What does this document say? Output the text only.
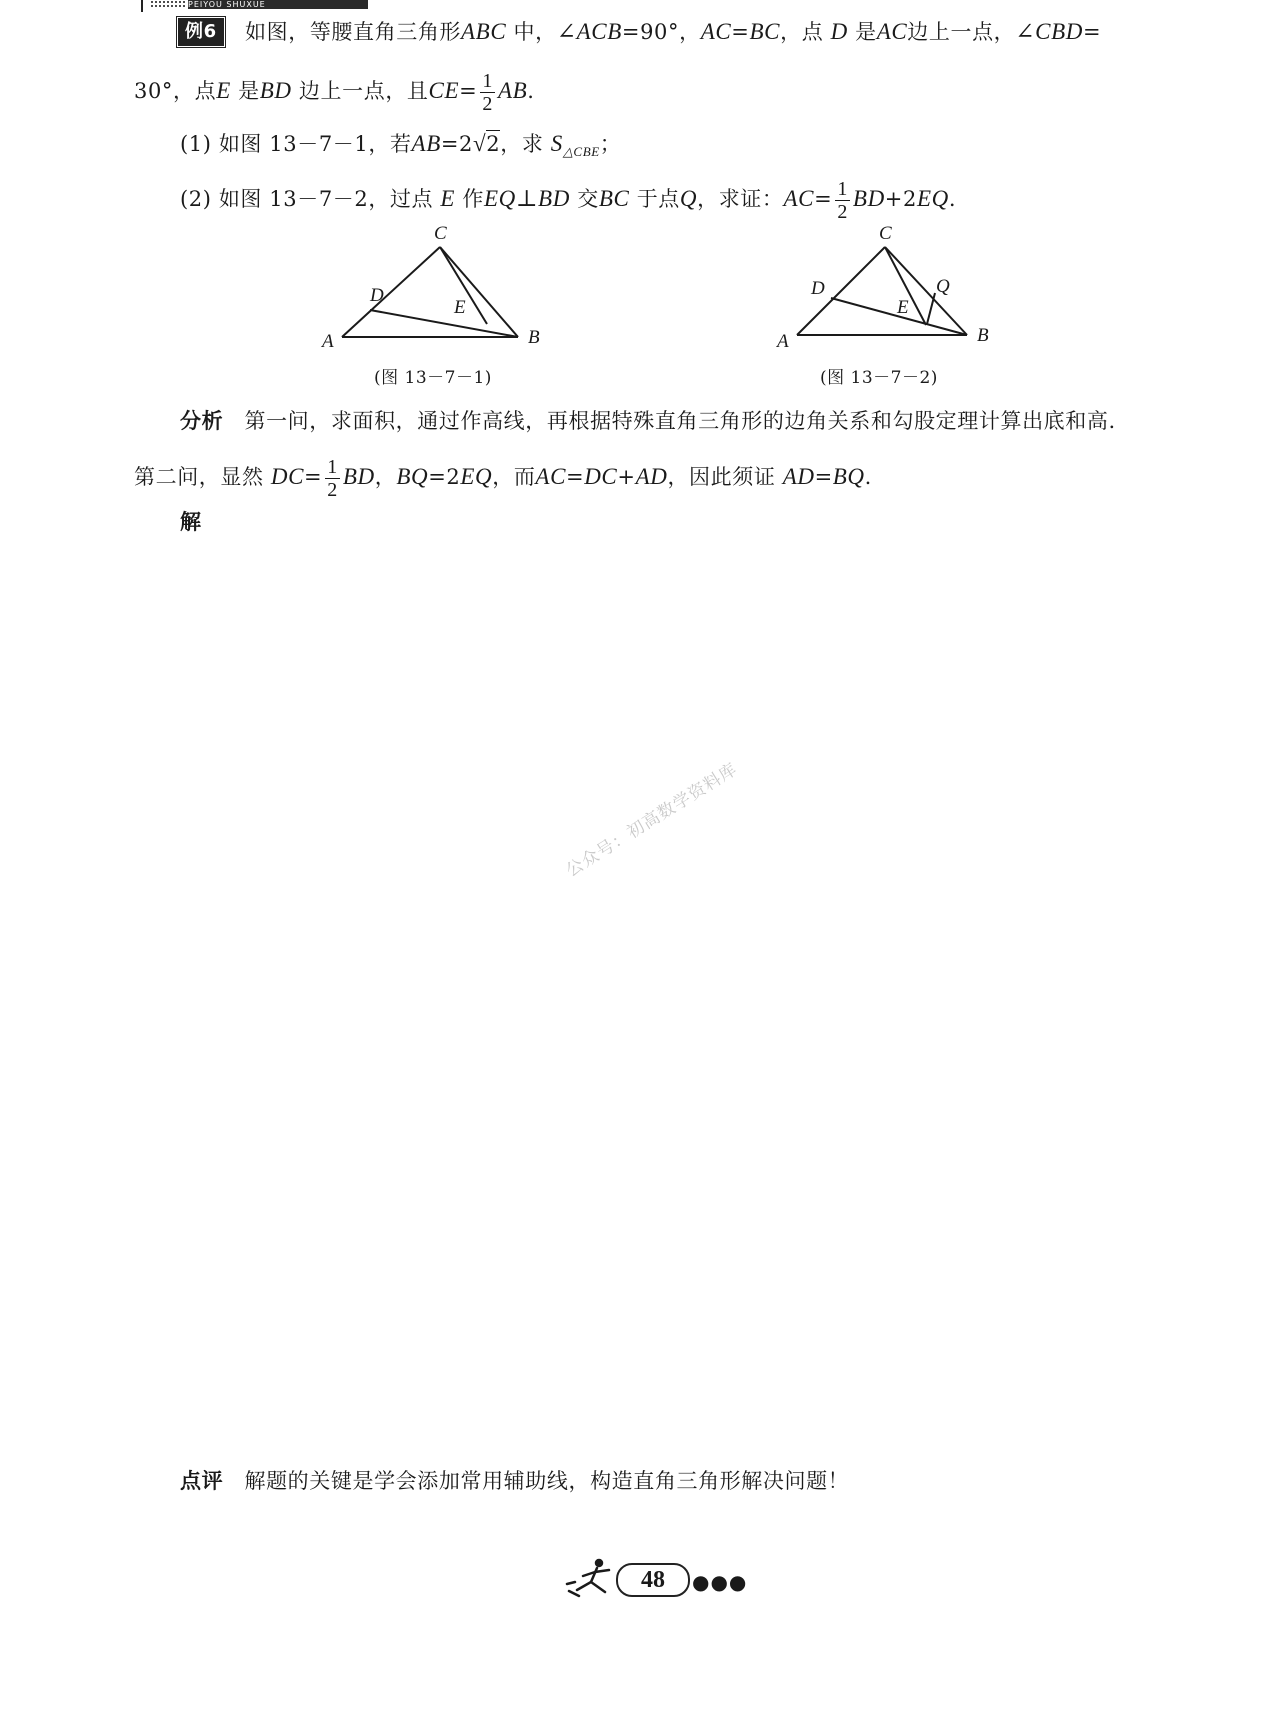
PEIYOU SHUXUE
例6 如图，等腰直角三角形ABC 中，∠ACB=90°，AC=BC，点 D 是AC边上一点，∠CBD=
30°，点E 是BD 边上一点，且$CE= \frac{1}{2}$ AB.
(1) 如图 13－7－1，若AB=2√2，求 $S_{\triangle CBE}$；
(2) 如图 13－7－2，过点 E 作EQ⊥BD 交BC 于点Q，求证：$AC= \frac{1}{2} BD+2EQ$.
C
D
E
A	B
(图 13－7－1)
C
D
E
Q
A	B
(图 13－7－2)
分析 第一问，求面积，通过作高线，再根据特殊直角三角形的边角关系和勾股定理计算出底和高.
第二问，显然 $DC= \frac{1}{2}$ BD，BQ=2EQ，而AC=DC+AD，因此须证 AD=BQ.
解
公众号：初高数学资料库
点评 解题的关键是学会添加常用辅助线，构造直角三角形解决问题！
48	●●●
